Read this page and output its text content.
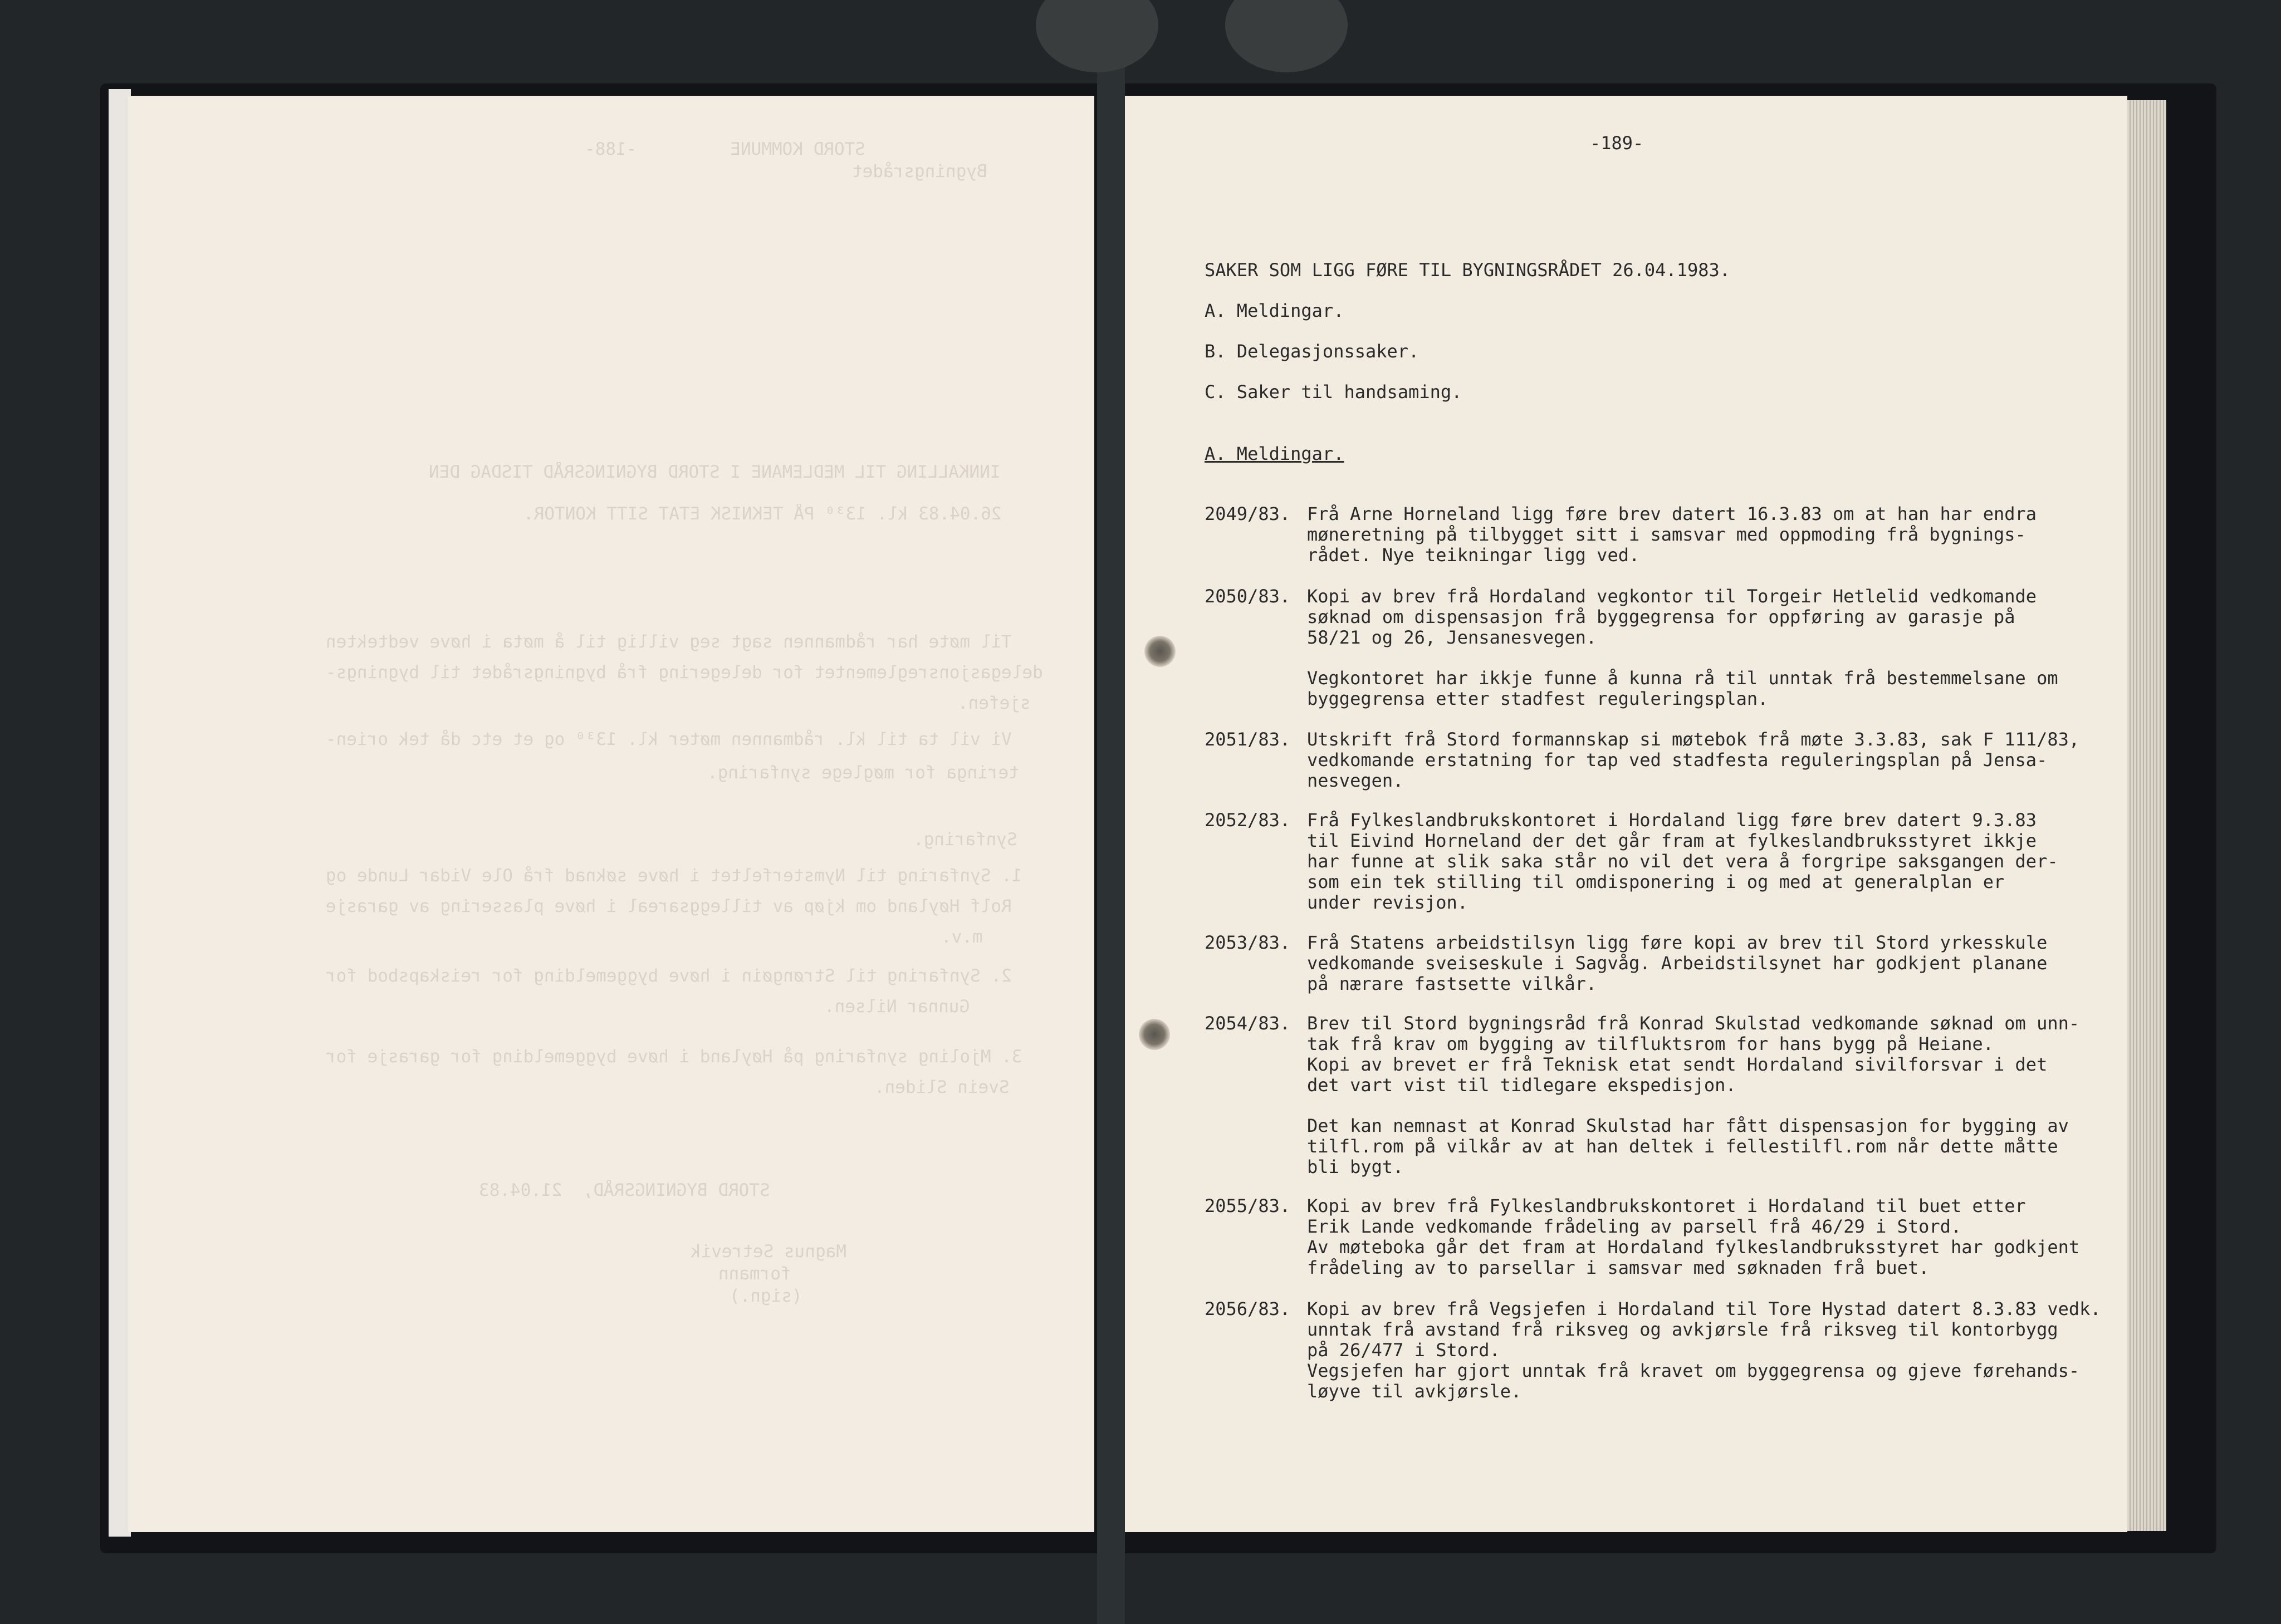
STORD KOMMUNE         -188-
Bygningsrådet
INNKALLING TIL MEDLEMANE I STORD BYGNINGSRÅD TISDAG DEN
26.04.83 kl. 13³⁰ PÅ TEKNISK ETAT SITT KONTOR.
Til møte har rådmannen sagt seg villig til å møta i høve vedtekten
delegasjonsreglementet for delegering frå bygningsrådet til bygnings-
sjefen.
Vi vil ta til kl. rådmannen møter kl. 13³⁰ og et etc då tek orien-
teringa for møglege synfaring.
Synfaring.
1. Synfaring til Nymsterfeltet i høve søknad frå Ole Vidar Lunde og
Rolf Høyland om kjøp av tilleggsareal i høve plassering av garasje
m.v.
2. Synfaring til Strøngøin i høve byggemelding for reiskapsbod for
Gunnar Nilsen.
3. Mjoling synfaring på Høyland i høve byggemelding for garasje for
Svein Sliden.
STORD BYGNINGSRÅD,  21.04.83
Magnus Setrevik
formann
(sign.)
-189-
SAKER SOM LIGG FØRE TIL BYGNINGSRÅDET 26.04.1983.
A. Meldingar.
B. Delegasjonssaker.
C. Saker til handsaming.
A. Meldingar.
2049/83. Frå Arne Horneland ligg føre brev datert 16.3.83 om at han har endra
møneretning på tilbygget sitt i samsvar med oppmoding frå bygnings-
rådet. Nye teikningar ligg ved.

2050/83. Kopi av brev frå Hordaland vegkontor til Torgeir Hetlelid vedkomande
søknad om dispensasjon frå byggegrensa for oppføring av garasje på
58/21 og 26, Jensanesvegen.

Vegkontoret har ikkje funne å kunna rå til unntak frå bestemmelsane om
byggegrensa etter stadfest reguleringsplan.

2051/83. Utskrift frå Stord formannskap si møtebok frå møte 3.3.83, sak F 111/83,
vedkomande erstatning for tap ved stadfesta reguleringsplan på Jensa-
nesvegen.

2052/83. Frå Fylkeslandbrukskontoret i Hordaland ligg føre brev datert 9.3.83
til Eivind Horneland der det går fram at fylkeslandbruksstyret ikkje
har funne at slik saka står no vil det vera å forgripe saksgangen der-
som ein tek stilling til omdisponering i og med at generalplan er
under revisjon.

2053/83. Frå Statens arbeidstilsyn ligg føre kopi av brev til Stord yrkesskule
vedkomande sveiseskule i Sagvåg. Arbeidstilsynet har godkjent planane
på nærare fastsette vilkår.

2054/83. Brev til Stord bygningsråd frå Konrad Skulstad vedkomande søknad om unn-
tak frå krav om bygging av tilfluktsrom for hans bygg på Heiane.
Kopi av brevet er frå Teknisk etat sendt Hordaland sivilforsvar i det
det vart vist til tidlegare ekspedisjon.

Det kan nemnast at Konrad Skulstad har fått dispensasjon for bygging av
tilfl.rom på vilkår av at han deltek i fellestilfl.rom når dette måtte
bli bygt.

2055/83. Kopi av brev frå Fylkeslandbrukskontoret i Hordaland til buet etter
Erik Lande vedkomande frådeling av parsell frå 46/29 i Stord.
Av møteboka går det fram at Hordaland fylkeslandbruksstyret har godkjent
frådeling av to parsellar i samsvar med søknaden frå buet.

2056/83. Kopi av brev frå Vegsjefen i Hordaland til Tore Hystad datert 8.3.83 vedk.
unntak frå avstand frå riksveg og avkjørsle frå riksveg til kontorbygg
på 26/477 i Stord.
Vegsjefen har gjort unntak frå kravet om byggegrensa og gjeve førehands-
løyve til avkjørsle.
